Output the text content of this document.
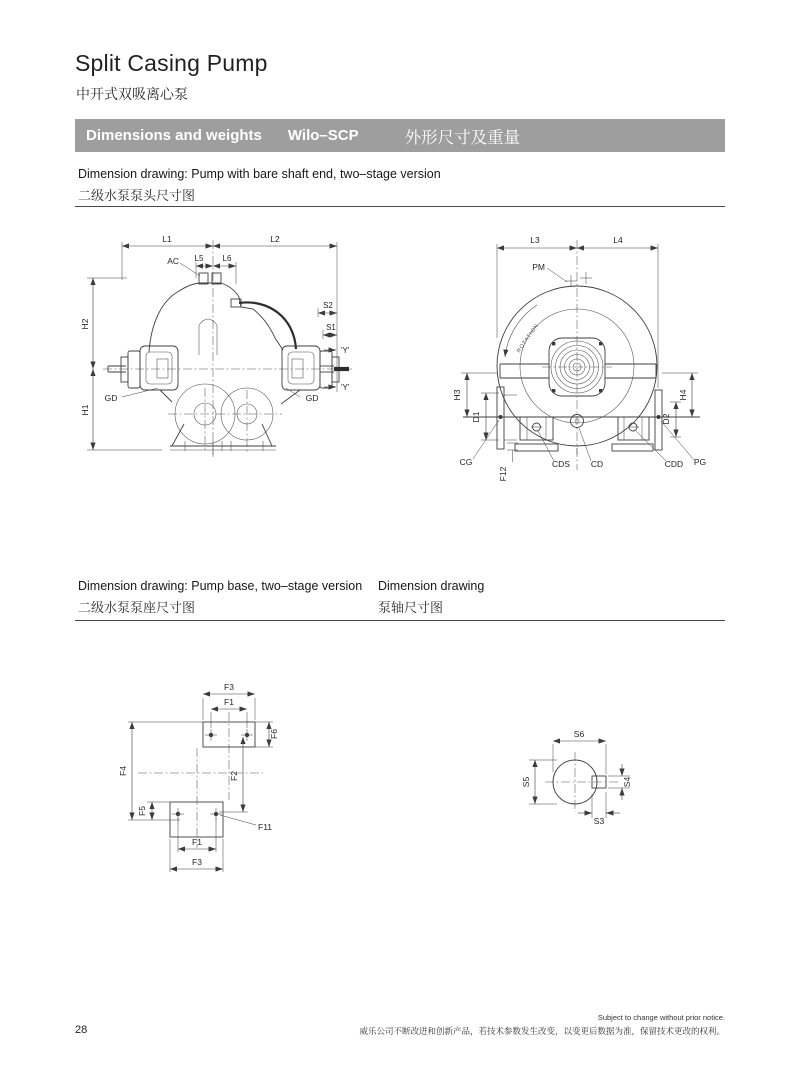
Split Casing Pump
中开式双吸离心泵
Dimensions and weights Wilo–SCP	外形尺寸及重量
Dimension drawing: Pump with bare shaft end, two–stage version
二级水泵泵头尺寸图
L1	L2
AC L5 L6
H2
H1
S2
S1
'Y'
'Y'
GD	GD
L3	L4
PM
ROTATION
H3
D1
H4
D2
CG
F12
CDS CD	CDD PG
Dimension drawing: Pump base, two–stage version
二级水泵泵座尺寸图
Dimension drawing
泵轴尺寸图
F3
F1
F6
F4
F5
F2
F11
F1
F3
S6
S5	S4
S3
28
Subject to change without prior notice.
威乐公司不断改进和创新产品，若技术参数发生改变，以变更后数据为准，保留技术更改的权利。
